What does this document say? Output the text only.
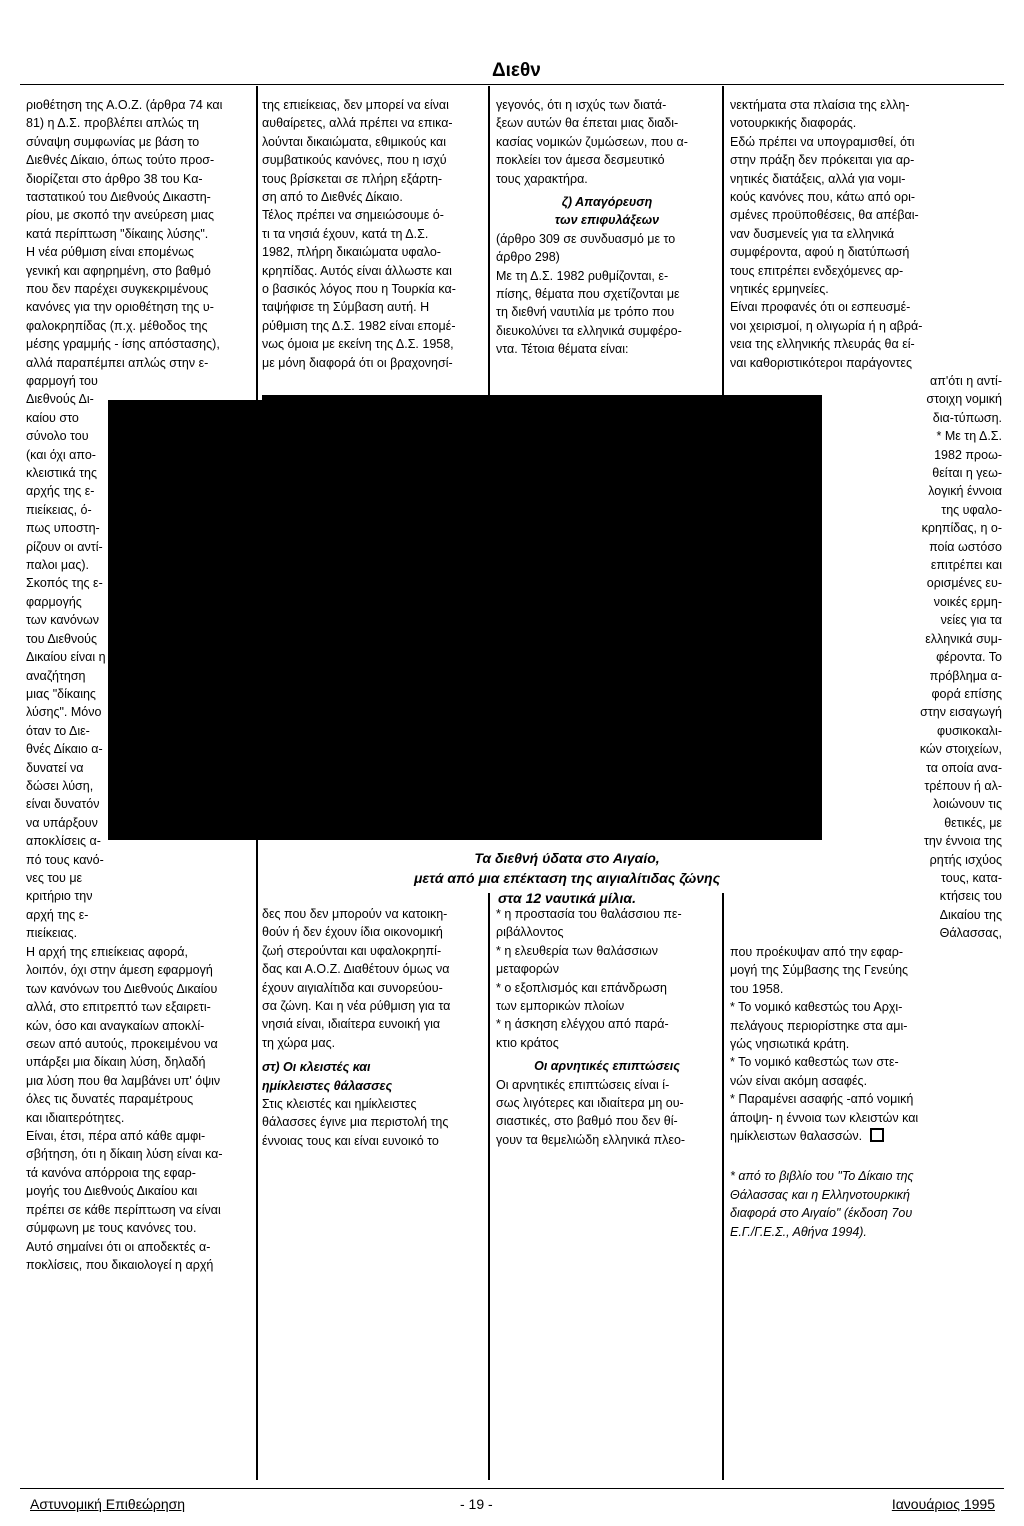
Διεθν

ριοθέτηση της Α.Ο.Ζ. (άρθρα 74 και
81) η Δ.Σ. προβλέπει απλώς τη
σύναψη συμφωνίας με βάση το
Διεθνές Δίκαιο, όπως τούτο προσ-
διορίζεται στο άρθρο 38 του Κα-
ταστατικού του Διεθνούς Δικαστη-
ρίου, με σκοπό την ανεύρεση μιας
κατά περίπτωση "δίκαιης λύσης".
Η νέα ρύθμιση είναι επομένως
γενική και αφηρημένη, στο βαθμό
που δεν παρέχει συγκεκριμένους
κανόνες για την οριοθέτηση της υ-
φαλοκρηπίδας (π.χ. μέθοδος της
μέσης γραμμής - ίσης απόστασης),
αλλά παραπέμπει απλώς στην ε-

φαρμογή του
Διεθνούς Δι-
καίου στο
σύνολο του
(και όχι απο-
κλειστικά της
αρχής της ε-
πιείκειας, ό-
πως υποστη-
ρίζουν οι αντί-
παλοι μας).
Σκοπός της ε-
φαρμογής
των κανόνων
του Διεθνούς
Δικαίου είναι η
αναζήτηση
μιας "δίκαιης
λύσης". Μόνο
όταν το Διε-
θνές Δίκαιο α-
δυνατεί να
δώσει λύση,
είναι δυνατόν
να υπάρξουν
αποκλίσεις α-
πό τους κανό-
νες του με
κριτήριο την
αρχή της ε-
πιείκειας.

Η αρχή της επιείκειας αφορά,
λοιπόν, όχι στην άμεση εφαρμογή
των κανόνων του Διεθνούς Δικαίου
αλλά, στο επιτρεπτό των εξαιρετι-
κών, όσο και αναγκαίων αποκλί-
σεων από αυτούς, προκειμένου να
υπάρξει μια δίκαιη λύση, δηλαδή
μια λύση που θα λαμβάνει υπ' όψιν
όλες τις δυνατές παραμέτρους
και ιδιαιτερότητες.
Είναι, έτσι, πέρα από κάθε αμφι-
σβήτηση, ότι η δίκαιη λύση είναι κα-
τά κανόνα απόρροια της εφαρ-
μογής του Διεθνούς Δικαίου και
πρέπει σε κάθε περίπτωση να είναι
σύμφωνη με τους κανόνες του.
Αυτό σημαίνει ότι οι αποδεκτές α-
ποκλίσεις, που δικαιολογεί η αρχή

της επιείκειας, δεν μπορεί να είναι
αυθαίρετες, αλλά πρέπει να επικα-
λούνται δικαιώματα, εθιμικούς και
συμβατικούς κανόνες, που η ισχύ
τους βρίσκεται σε πλήρη εξάρτη-
ση από το Διεθνές Δίκαιο.
Τέλος πρέπει να σημειώσουμε ό-
τι τα νησιά έχουν, κατά τη Δ.Σ.
1982, πλήρη δικαιώματα υφαλο-
κρηπίδας. Αυτός είναι άλλωστε και
ο βασικός λόγος που η Τουρκία κα-
ταψήφισε τη Σύμβαση αυτή. Η
ρύθμιση της Δ.Σ. 1982 είναι επομέ-
νως όμοια με εκείνη της Δ.Σ. 1958,
με μόνη διαφορά ότι οι βραχονησί-

δες που δεν μπορούν να κατοικη-
θούν ή δεν έχουν ίδια οικονομική
ζωή στερούνται και υφαλοκρηπί-
δας και Α.Ο.Ζ. Διαθέτουν όμως να
έχουν αιγιαλίτιδα και συνορεύου-
σα ζώνη. Και η νέα ρύθμιση για τα
νησιά είναι, ιδιαίτερα ευνοική για
τη χώρα μας.

στ) Οι κλειστές και
ημίκλειστες θάλασσες

Στις κλειστές και ημίκλειστες
θάλασσες έγινε μια περιστολή της
έννοιας τους και είναι ευνοικό το

γεγονός, ότι η ισχύς των διατά-
ξεων αυτών θα έπεται μιας διαδι-
κασίας νομικών ζυμώσεων, που α-
ποκλείει τον άμεσα δεσμευτικό
τους χαρακτήρα.

ζ) Απαγόρευση
των επιφυλάξεων

(άρθρο 309 σε συνδυασμό με το
άρθρο 298)
Με τη Δ.Σ. 1982 ρυθμίζονται, ε-
πίσης, θέματα που σχετίζονται με
τη διεθνή ναυτιλία με τρόπο που
διευκολύνει τα ελληνικά συμφέρο-
ντα. Τέτοια θέματα είναι:

* η προστασία του θαλάσσιου πε-
ριβάλλοντος
* η ελευθερία των θαλάσσιων
μεταφορών
* ο εξοπλισμός και επάνδρωση
των εμπορικών πλοίων
* η άσκηση ελέγχου από παρά-
κτιο κράτος

Οι αρνητικές επιπτώσεις

Οι αρνητικές επιπτώσεις είναι ί-
σως λιγότερες και ιδιαίτερα μη ου-
σιαστικές, στο βαθμό που δεν θί-
γουν τα θεμελιώδη ελληνικά πλεο-

νεκτήματα στα πλαίσια της ελλη-
νοτουρκικής διαφοράς.
Εδώ πρέπει να υπογραμισθεί, ότι
στην πράξη δεν πρόκειται για αρ-
νητικές διατάξεις, αλλά για νομι-
κούς κανόνες που, κάτω από ορι-
σμένες προϋποθέσεις, θα απέβαι-
ναν δυσμενείς για τα ελληνικά
συμφέροντα, αφού η διατύπωσή
τους επιτρέπει ενδεχόμενες αρ-
νητικές ερμηνείες.
Είναι προφανές ότι οι εσπευσμέ-
νοι χειρισμοί, η ολιγωρία ή η αβρά-
νεια της ελληνικής πλευράς θα εί-
ναι καθοριστικότεροι παράγοντες

απ'ότι η αντί-
στοιχη νομική
δια-τύπωση.
* Με τη Δ.Σ.
1982 προω-
θείται η γεω-
λογική έννοια
της υφαλο-
κρηπίδας, η ο-
ποία ωστόσο
επιτρέπει και
ορισμένες ευ-
νοικές ερμη-
νείες για τα
ελληνικά συμ-
φέροντα. Το
πρόβλημα α-
φορά επίσης
στην εισαγωγή
φυσικοκαλι-
κών στοιχείων,
τα οποία ανα-
τρέπουν ή αλ-
λοιώνουν τις
θετικές, με
την έννοια της
ρητής ισχύος
τους, κατα-
κτήσεις του
Δικαίου της
Θάλασσας,

που προέκυψαν από την εφαρ-
μογή της Σύμβασης της Γενεύης
του 1958.
* Το νομικό καθεστώς του Αρχι-
πελάγους περιορίστηκε στα αμι-
γώς νησιωτικά κράτη.
* Το νομικό καθεστώς των στε-
νών είναι ακόμη ασαφές.
* Παραμένει ασαφής -από νομική
άποψη- η έννοια των κλειστών και
ημίκλειστων θαλασσών.

* από το βιβλίο του "Το Δίκαιο της
Θάλασσας και η Ελληνοτουρκική
διαφορά στο Αιγαίο" (έκδοση 7ου
Ε.Γ./Γ.Ε.Σ., Αθήνα 1994).

Τα διεθνή ύδατα στο Αιγαίο,
μετά από μια επέκταση της αιγιαλίτιδας ζώνης
στα 12 ναυτικά μίλια.
Αστυνομική Επιθεώρηση	- 19 -	Ιανουάριος 1995
